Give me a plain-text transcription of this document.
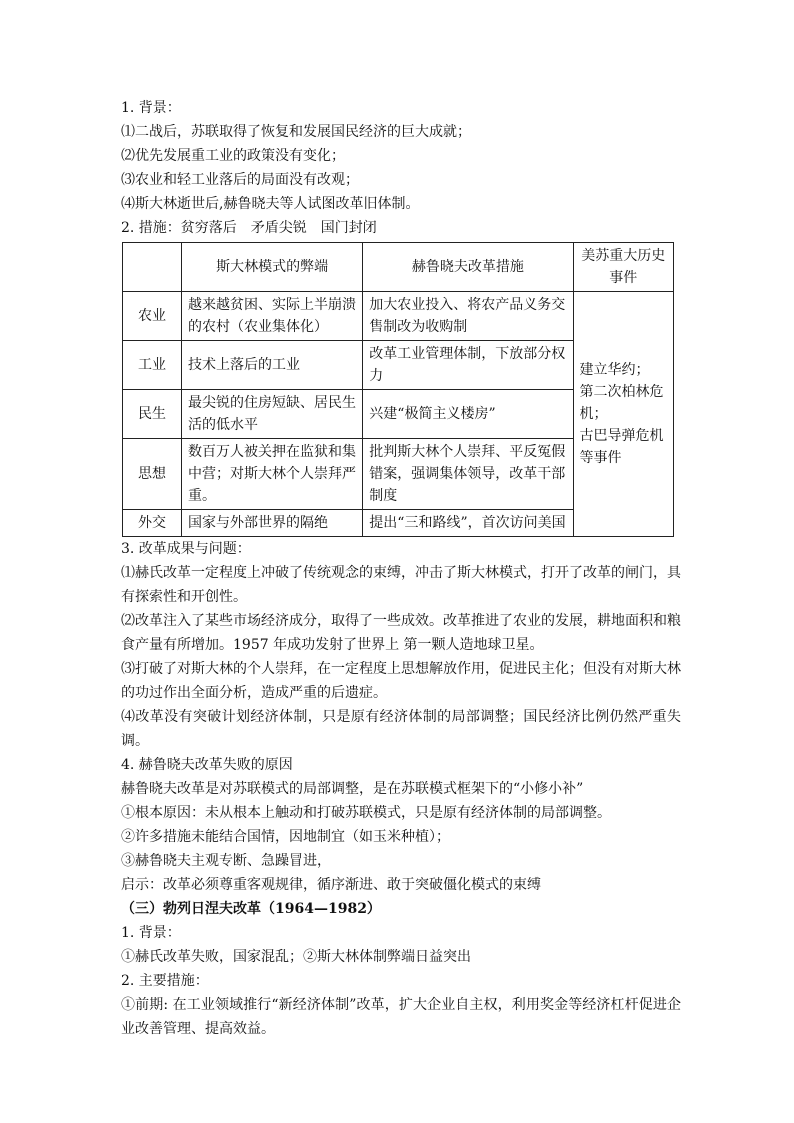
1. 背景：
⑴二战后，苏联取得了恢复和发展国民经济的巨大成就；
⑵优先发展重工业的政策没有变化；
⑶农业和轻工业落后的局面没有改观；
⑷斯大林逝世后,赫鲁晓夫等人试图改革旧体制。
2. 措施：贫穷落后　矛盾尖锐　国门封闭
	斯大林模式的弊端	赫鲁晓夫改革措施	美苏重大历史事件
农业	越来越贫困、实际上半崩溃的农村（农业集体化）	加大农业投入、将农产品义务交售制改为收购制	建立华约；
第二次柏林危机；
古巴导弹危机等事件

工业	技术上落后的工业	改革工业管理体制，下放部分权力	
民生	最尖锐的住房短缺、居民生活的低水平	兴建“极简主义楼房”	
思想	数百万人被关押在监狱和集中营；对斯大林个人崇拜严重。	批判斯大林个人崇拜、平反冤假错案，强调集体领导，改革干部制度	
外交	国家与外部世界的隔绝	提出“三和路线”，首次访问美国	
3. 改革成果与问题：
⑴赫氏改革一定程度上冲破了传统观念的束缚，冲击了斯大林模式，打开了改革的闸门，具有探索性和开创性。
⑵改革注入了某些市场经济成分，取得了一些成效。改革推进了农业的发展，耕地面积和粮食产量有所增加。1957 年成功发射了世界上 第一颗人造地球卫星。
⑶打破了对斯大林的个人崇拜，在一定程度上思想解放作用，促进民主化；但没有对斯大林的功过作出全面分析，造成严重的后遗症。
⑷改革没有突破计划经济体制，只是原有经济体制的局部调整；国民经济比例仍然严重失调。
4. 赫鲁晓夫改革失败的原因
赫鲁晓夫改革是对苏联模式的局部调整，是在苏联模式框架下的“小修小补”
①根本原因：未从根本上触动和打破苏联模式，只是原有经济体制的局部调整。
②许多措施未能结合国情，因地制宜（如玉米种植）；
③赫鲁晓夫主观专断、急躁冒进，
启示：改革必须尊重客观规律，循序渐进、敢于突破僵化模式的束缚
（三）勃列日涅夫改革（1964—1982）
1. 背景：
①赫氏改革失败，国家混乱；②斯大林体制弊端日益突出
2. 主要措施：
①前期: 在工业领域推行“新经济体制”改革，扩大企业自主权，利用奖金等经济杠杆促进企业改善管理、提高效益。
